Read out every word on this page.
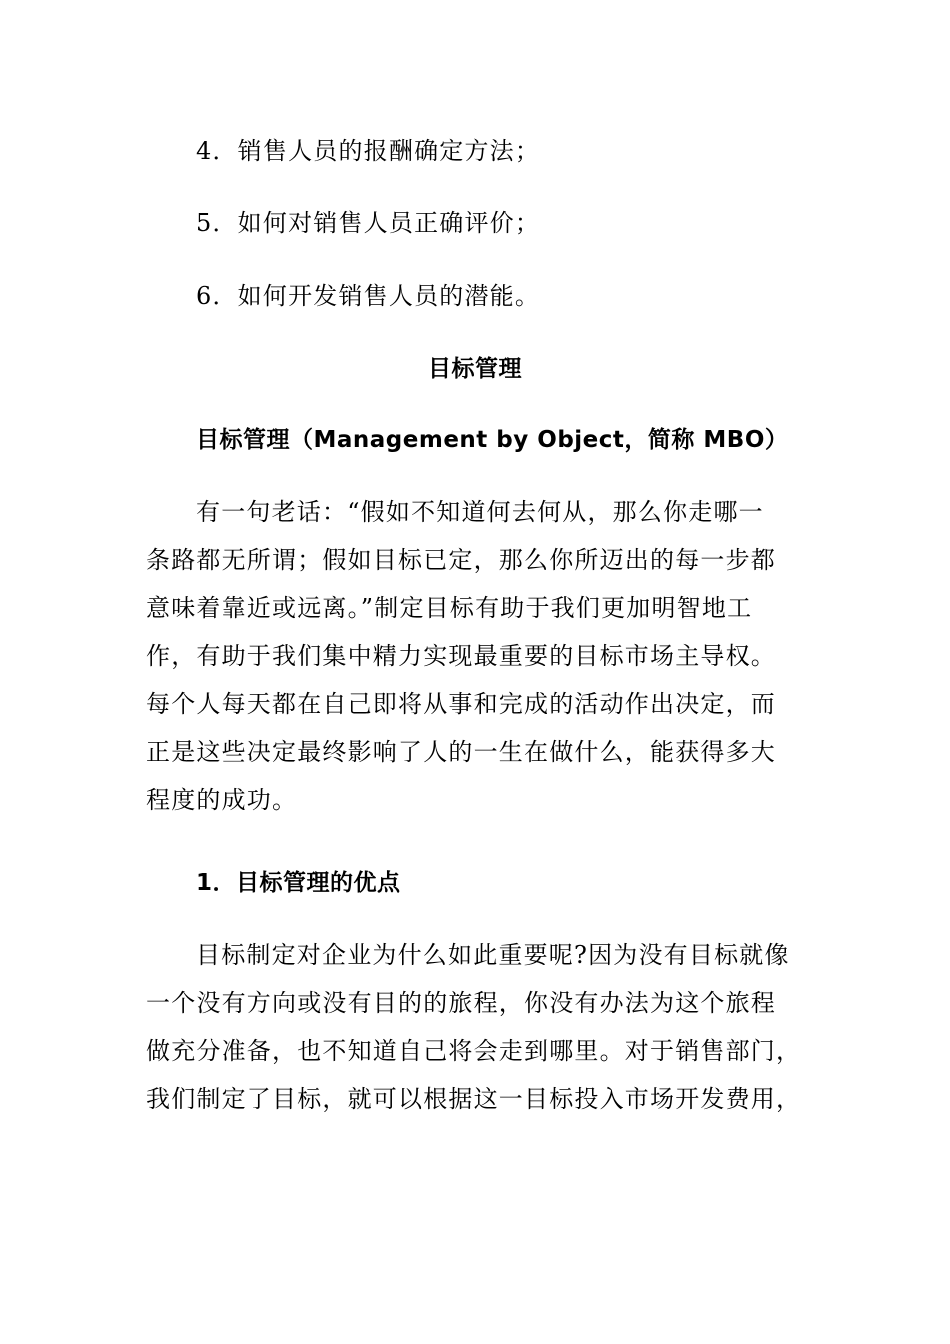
4．销售人员的报酬确定方法；
5．如何对销售人员正确评价；
6．如何开发销售人员的潜能。
目标管理
目标管理（Management by Object，简称 MBO）
有一句老话：“假如不知道何去何从，那么你走哪一
条路都无所谓；假如目标已定，那么你所迈出的每一步都
意味着靠近或远离。”制定目标有助于我们更加明智地工
作，有助于我们集中精力实现最重要的目标市场主导权。
每个人每天都在自己即将从事和完成的活动作出决定，而
正是这些决定最终影响了人的一生在做什么，能获得多大
程度的成功。
1．目标管理的优点
目标制定对企业为什么如此重要呢?因为没有目标就像
一个没有方向或没有目的的旅程，你没有办法为这个旅程
做充分准备，也不知道自己将会走到哪里。对于销售部门，
我们制定了目标，就可以根据这一目标投入市场开发费用，
